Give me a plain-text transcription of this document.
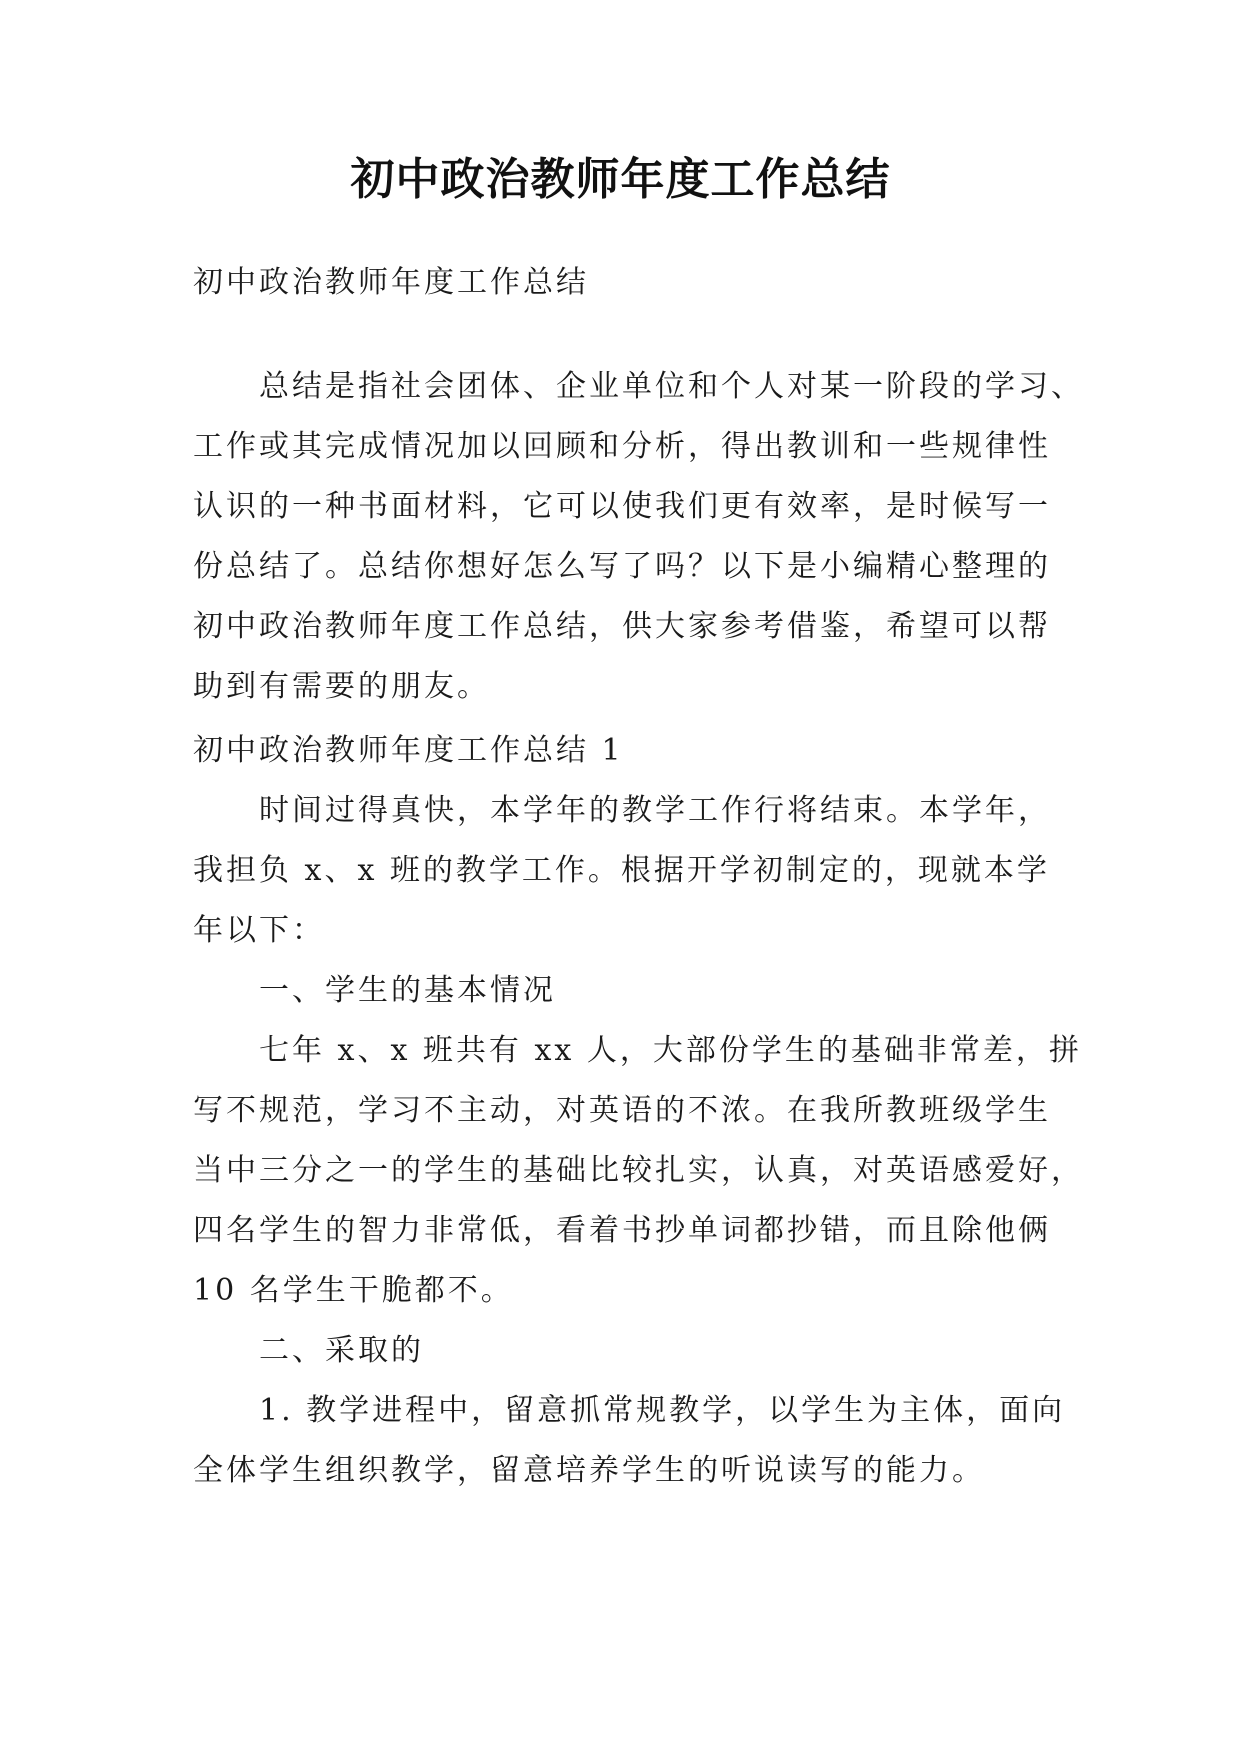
初中政治教师年度工作总结
初中政治教师年度工作总结
总结是指社会团体、企业单位和个人对某一阶段的学习、
工作或其完成情况加以回顾和分析，得出教训和一些规律性
认识的一种书面材料，它可以使我们更有效率，是时候写一
份总结了。总结你想好怎么写了吗？以下是小编精心整理的
初中政治教师年度工作总结，供大家参考借鉴，希望可以帮
助到有需要的朋友。
初中政治教师年度工作总结 1
时间过得真快，本学年的教学工作行将结束。本学年，
我担负 x、x 班的教学工作。根据开学初制定的，现就本学
年以下：
一、学生的基本情况
七年 x、x 班共有 xx 人，大部份学生的基础非常差，拼
写不规范，学习不主动，对英语的不浓。在我所教班级学生
当中三分之一的学生的基础比较扎实，认真，对英语感爱好，
四名学生的智力非常低，看着书抄单词都抄错，而且除他俩
10 名学生干脆都不。
二、采取的
1. 教学进程中，留意抓常规教学，以学生为主体，面向
全体学生组织教学，留意培养学生的听说读写的能力。
